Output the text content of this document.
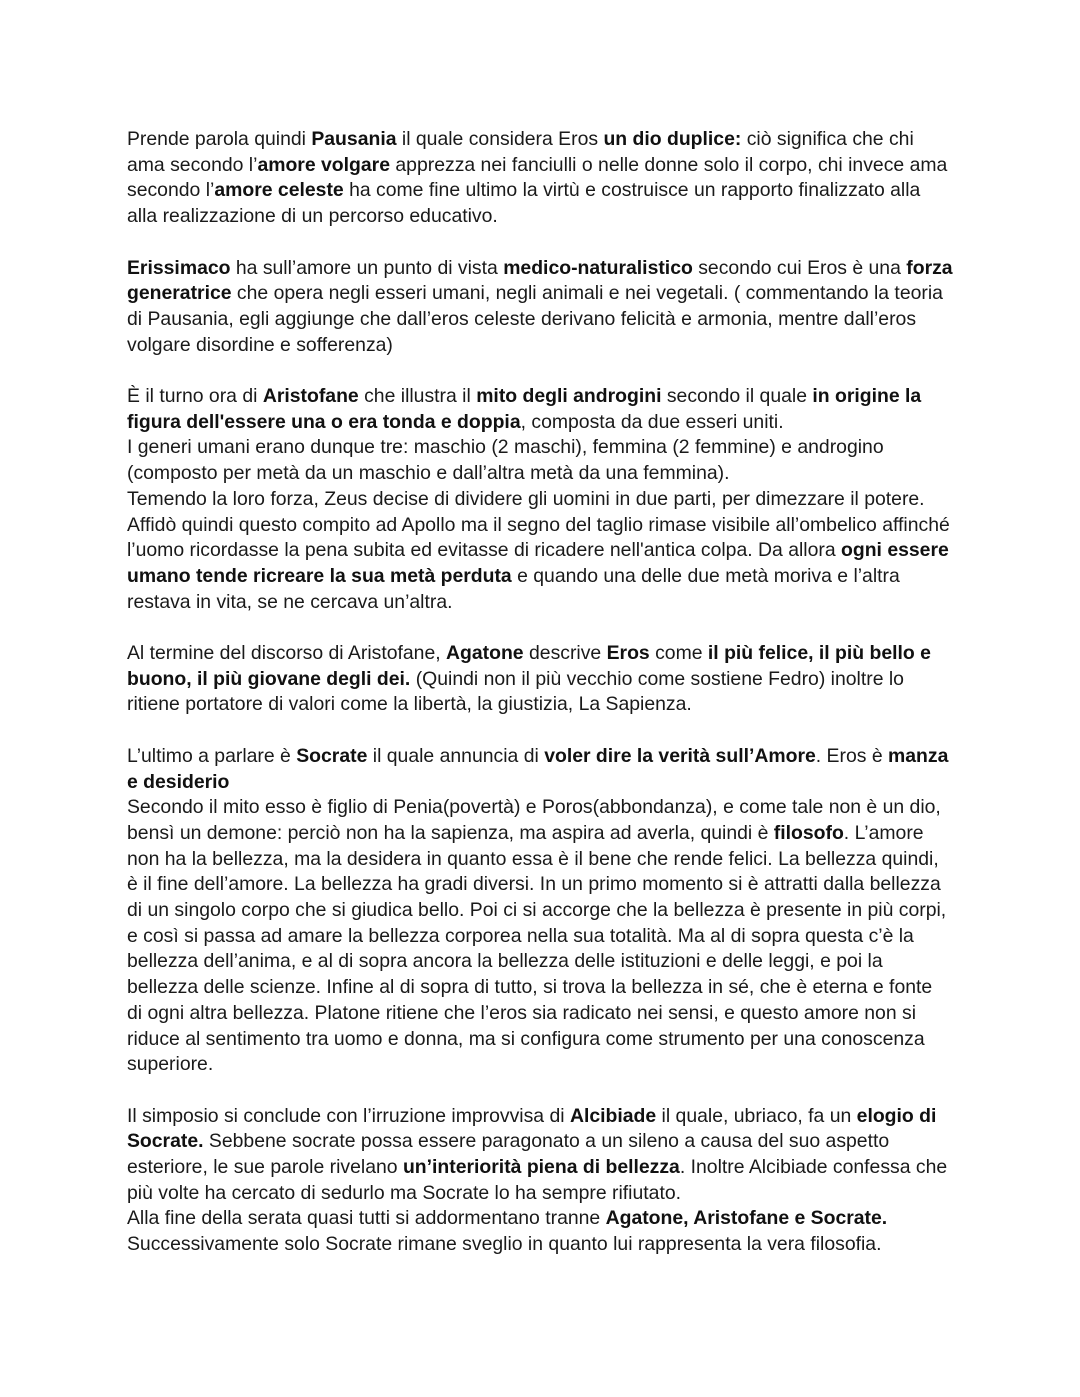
Prende parola quindi Pausania il quale considera Eros un dio duplice: ciò significa che chi
ama secondo l’amore volgare apprezza nei fanciulli o nelle donne solo il corpo, chi invece ama
secondo l’amore celeste ha come fine ultimo la virtù e costruisce un rapporto finalizzato alla
alla realizzazione di un percorso educativo.
Erissimaco ha sull’amore un punto di vista medico-naturalistico secondo cui Eros è una forza
generatrice che opera negli esseri umani, negli animali e nei vegetali. ( commentando la teoria
di Pausania, egli aggiunge che dall’eros celeste derivano felicità e armonia, mentre dall’eros
volgare disordine e sofferenza)
È il turno ora di Aristofane che illustra il mito degli androgini secondo il quale in origine la
figura dell'essere una o era tonda e doppia, composta da due esseri uniti.
I generi umani erano dunque tre: maschio (2 maschi), femmina (2 femmine) e androgino
(composto per metà da un maschio e dall’altra metà da una femmina).
Temendo la loro forza, Zeus decise di dividere gli uomini in due parti, per dimezzare il potere.
Affidò quindi questo compito ad Apollo ma il segno del taglio rimase visibile all’ombelico affinché
l’uomo ricordasse la pena subita ed evitasse di ricadere nell'antica colpa. Da allora ogni essere
umano tende ricreare la sua metà perduta e quando una delle due metà moriva e l’altra
restava in vita, se ne cercava un’altra.
Al termine del discorso di Aristofane, Agatone descrive Eros come il più felice, il più bello e
buono, il più giovane degli dei. (Quindi non il più vecchio come sostiene Fedro) inoltre lo
ritiene portatore di valori come la libertà, la giustizia, La Sapienza.
L’ultimo a parlare è Socrate il quale annuncia di voler dire la verità sull’Amore. Eros è manza
e desiderio
Secondo il mito esso è figlio di Penia(povertà) e Poros(abbondanza), e come tale non è un dio,
bensì un demone: perciò non ha la sapienza, ma aspira ad averla, quindi è filosofo. L’amore
non ha la bellezza, ma la desidera in quanto essa è il bene che rende felici. La bellezza quindi,
è il fine dell’amore. La bellezza ha gradi diversi. In un primo momento si è attratti dalla bellezza
di un singolo corpo che si giudica bello. Poi ci si accorge che la bellezza è presente in più corpi,
e così si passa ad amare la bellezza corporea nella sua totalità. Ma al di sopra questa c’è la
bellezza dell’anima, e al di sopra ancora la bellezza delle istituzioni e delle leggi, e poi la
bellezza delle scienze. Infine al di sopra di tutto, si trova la bellezza in sé, che è eterna e fonte
di ogni altra bellezza. Platone ritiene che l’eros sia radicato nei sensi, e questo amore non si
riduce al sentimento tra uomo e donna, ma si configura come strumento per una conoscenza
superiore.
Il simposio si conclude con l’irruzione improvvisa di Alcibiade il quale, ubriaco, fa un elogio di
Socrate. Sebbene socrate possa essere paragonato a un sileno a causa del suo aspetto
esteriore, le sue parole rivelano un’interiorità piena di bellezza. Inoltre Alcibiade confessa che
più volte ha cercato di sedurlo ma Socrate lo ha sempre rifiutato.
Alla fine della serata quasi tutti si addormentano tranne Agatone, Aristofane e Socrate.
Successivamente solo Socrate rimane sveglio in quanto lui rappresenta la vera filosofia.
